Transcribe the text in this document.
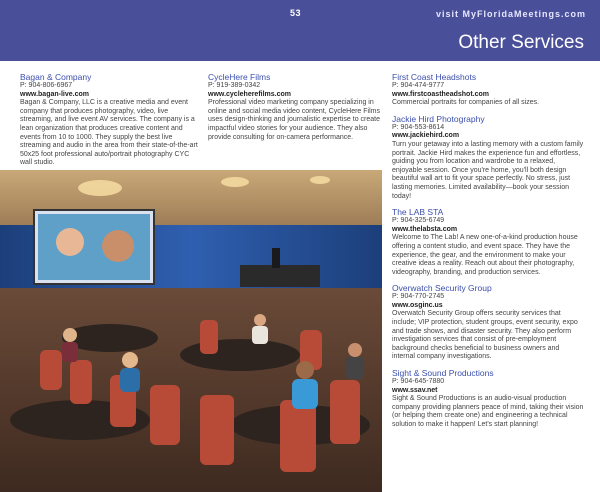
53	visit MyFloridaMeetings.com
Other Services
Bagan & Company
P: 904-806-6967
www.bagan-live.com
Bagan & Company, LLC is a creative media and event company that produces photography, video, live streaming, and live event AV services. The company is a lean organization that produces creative content and events from 10 to 1000. They supply the best live streaming and audio in the area from their state-of-the-art 50x25 foot professional auto/portrait photography CYC wall studio.
CycleHere Films
P: 919-389-0342
www.cycleherefilms.com
Professional video marketing company specializing in online and social media video content, CycleHere Films uses design-thinking and journalistic expertise to create impactful video stories for your audience. They also provide consulting for on-camera performance.
First Coast Headshots
P: 904-474-9777
www.firstcoastheadshot.com
Commercial portraits for companies of all sizes.
Jackie Hird Photography
P: 904-553-8614
www.jackiehird.com
Turn your getaway into a lasting memory with a custom family portrait. Jackie Hird makes the experience fun and effortless, guiding you from location and wardrobe to a relaxed, enjoyable session. Once you're home, you'll both design beautiful wall art to fit your space perfectly. No stress, just lasting memories. Limited availability—book your session today!
The LAB STA
P: 904-325-6749
www.thelabsta.com
Welcome to The Lab! A new one-of-a-kind production house offering a content studio, and event space. They have the experience, the gear, and the environment to make your creative ideas a reality. Reach out about their photography, videography, branding, and production services.
Overwatch Security Group
P: 904-770-2745
www.osginc.us
Overwatch Security Group offers security services that include; VIP protection, student groups, event security, expo and trade shows, and disaster security. They also perform investigation services that consist of pre-employment background checks beneficial to business owners and internal company investigations.
Sight & Sound Productions
P: 904-645-7880
www.ssav.net
Sight & Sound Productions is an audio-visual production company providing planners peace of mind, taking their vision (or helping them create one) and engineering a technical solution to make it happen! Let's start planning!
